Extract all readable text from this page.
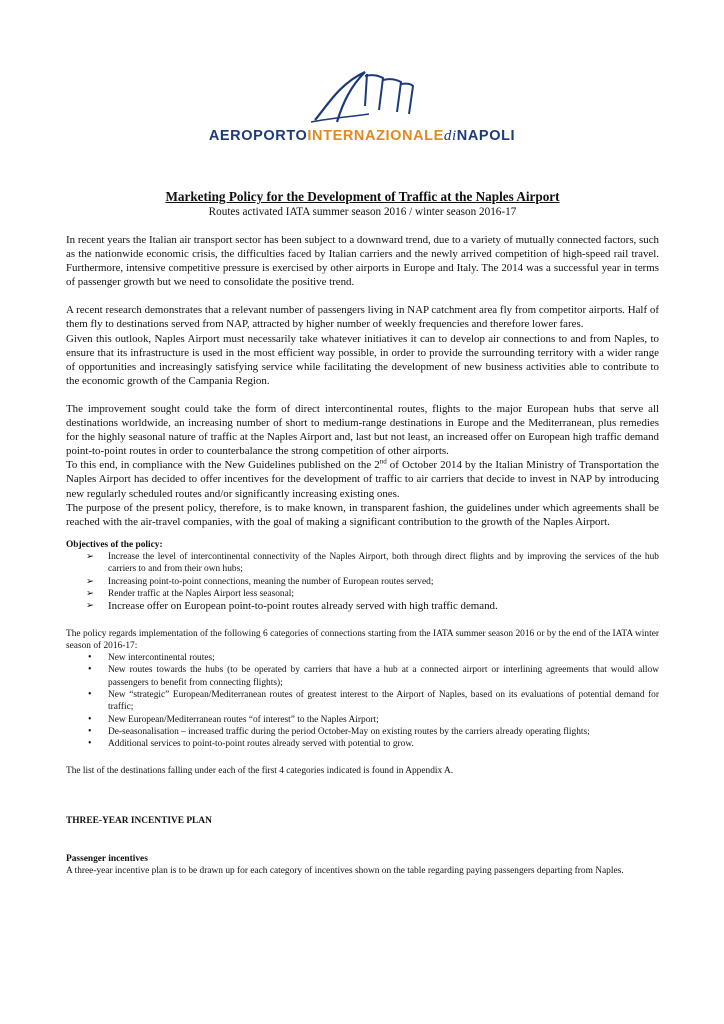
AEROPORTOINTERNAZIONALEdiNAPOLI
Marketing Policy for the Development of Traffic at the Naples Airport
Routes activated IATA summer season 2016 / winter season 2016-17

In recent years the Italian air transport sector has been subject to a downward trend, due to a variety of mutually connected factors, such as the nationwide economic crisis, the difficulties faced by Italian carriers and the newly arrived competition of high-speed rail travel. Furthermore, intensive competitive pressure is exercised by other airports in Europe and Italy. The 2014 was a successful year in terms of passenger growth but we need to consolidate the positive trend.

A recent research demonstrates that a relevant number of passengers living in NAP catchment area fly from competitor airports. Half of them fly to destinations served from NAP, attracted by higher number of weekly frequencies and therefore lower fares.

Given this outlook, Naples Airport must necessarily take whatever initiatives it can to develop air connections to and from Naples, to ensure that its infrastructure is used in the most efficient way possible, in order to provide the surrounding territory with a wider range of opportunities and increasingly satisfying service while facilitating the development of new business activities able to contribute to the economic growth of the Campania Region.

The improvement sought could take the form of direct intercontinental routes, flights to the major European hubs that serve all destinations worldwide, an increasing number of short to medium-range destinations in Europe and the Mediterranean, plus remedies for the highly seasonal nature of traffic at the Naples Airport and, last but not least, an increased offer on European high traffic demand point-to-point routes in order to counterbalance the strong competition of other airports.

To this end, in compliance with the New Guidelines published on the 2nd of October 2014 by the Italian Ministry of Transportation the Naples Airport has decided to offer incentives for the development of traffic to air carriers that decide to invest in NAP by introducing new regularly scheduled routes and/or significantly increasing existing ones.

The purpose of the present policy, therefore, is to make known, in transparent fashion, the guidelines under which agreements shall be reached with the air-travel companies, with the goal of making a significant contribution to the growth of the Naples Airport.

Objectives of the policy:
➢ Increase the level of intercontinental connectivity of the Naples Airport, both through direct flights and by improving the services of the hub carriers to and from their own hubs;
➢ Increasing point-to-point connections, meaning the number of European routes served;
➢ Render traffic at the Naples Airport less seasonal;
➢ Increase offer on European point-to-point routes already served with high traffic demand.

The policy regards implementation of the following 6 categories of connections starting from the IATA summer season 2016 or by the end of the IATA winter season of 2016-17:

• New intercontinental routes;
• New routes towards the hubs (to be operated by carriers that have a hub at a connected airport or interlining agreements that would allow passengers to benefit from connecting flights);
• New “strategic” European/Mediterranean routes of greatest interest to the Airport of Naples, based on its evaluations of potential demand for traffic;
• New European/Mediterranean routes “of interest” to the Naples Airport;
• De-seasonalisation – increased traffic during the period October-May on existing routes by the carriers already operating flights;
• Additional services to point-to-point routes already served with potential to grow.

The list of the destinations falling under each of the first 4 categories indicated is found in Appendix A.

THREE-YEAR INCENTIVE PLAN
Passenger incentives

A three-year incentive plan is to be drawn up for each category of incentives shown on the table regarding paying passengers departing from Naples.
